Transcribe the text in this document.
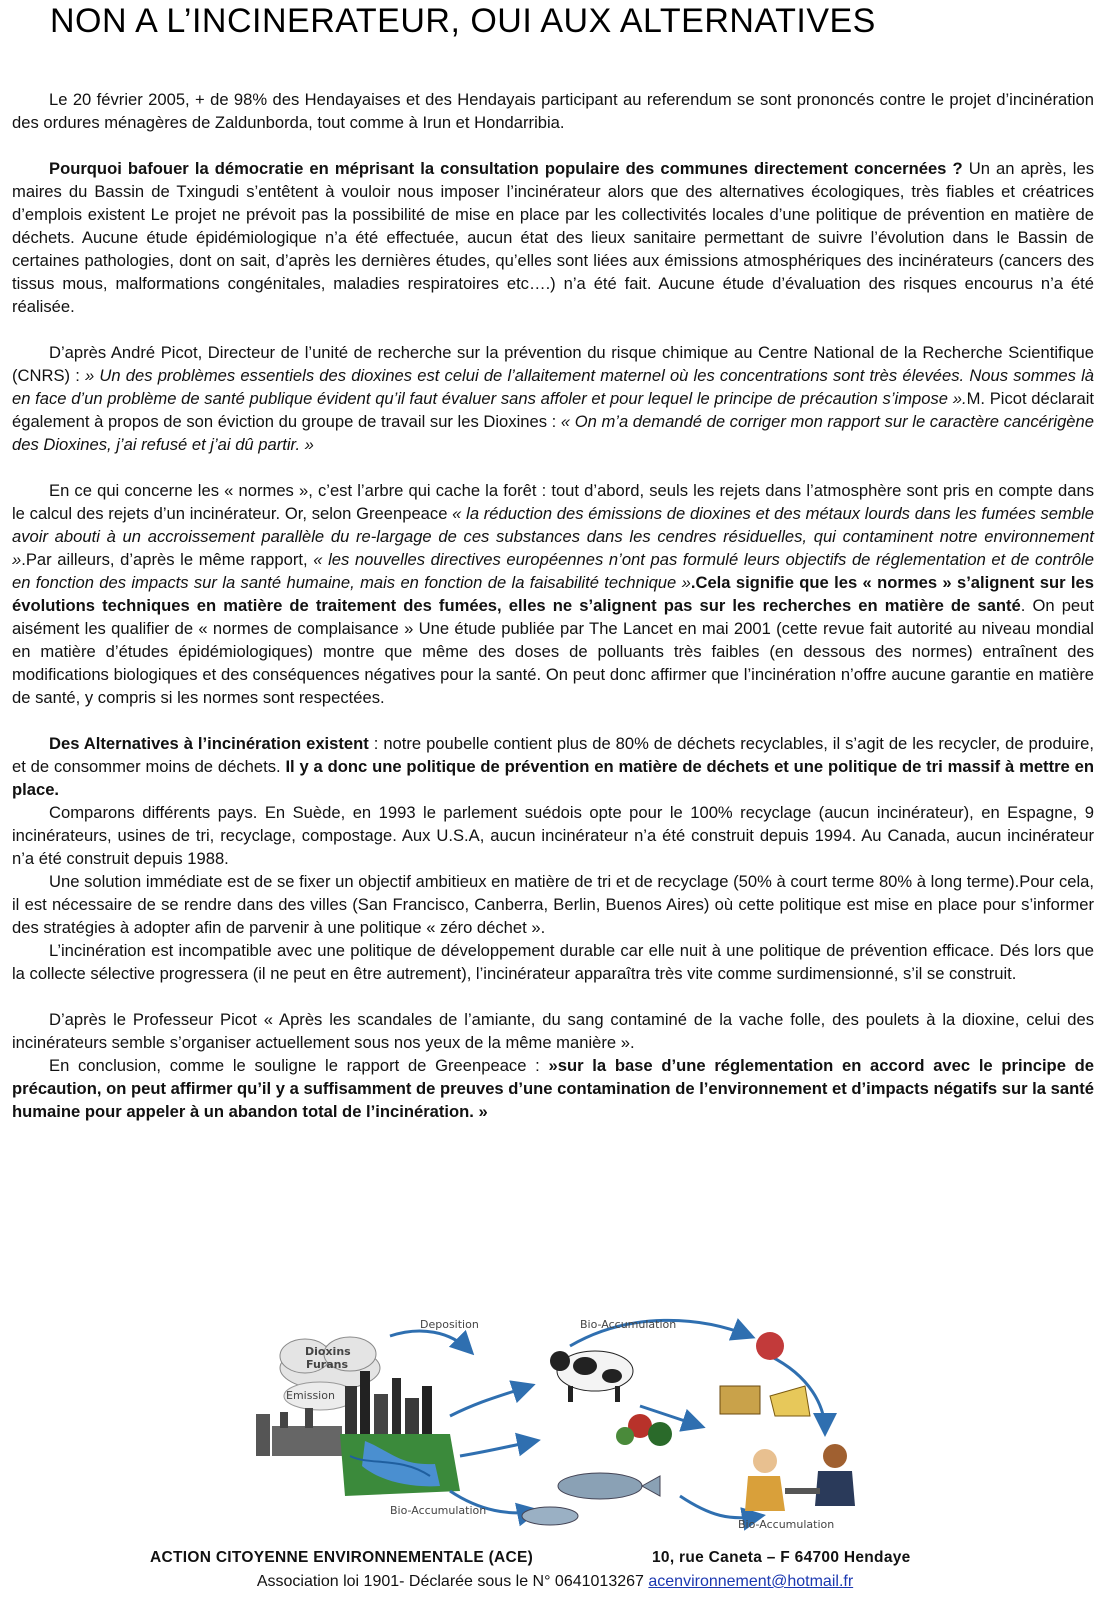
NON A L’INCINERATEUR, OUI AUX ALTERNATIVES

Le 20 février 2005, + de 98% des Hendayaises et des Hendayais participant au referendum se sont prononcés contre le projet d’incinération des ordures ménagères de Zaldunborda, tout comme à Irun et Hondarribia.

Pourquoi bafouer la démocratie en méprisant la consultation populaire des communes directement concernées ? Un an après, les maires du Bassin de Txingudi s’entêtent à vouloir nous imposer l’incinérateur alors que des alternatives écologiques, très fiables et créatrices d’emplois existent Le projet ne prévoit pas la possibilité de mise en place par les collectivités locales d’une politique de prévention en matière de déchets. Aucune étude épidémiologique n’a été effectuée, aucun état des lieux sanitaire permettant de suivre l’évolution dans le Bassin de certaines pathologies, dont on sait, d’après les dernières études, qu’elles sont liées aux émissions atmosphériques des incinérateurs (cancers des tissus mous, malformations congénitales, maladies respiratoires etc….) n’a été fait. Aucune étude d’évaluation des risques encourus n’a été réalisée.

D’après André Picot, Directeur de l’unité de recherche sur la prévention du risque chimique au Centre National de la Recherche Scientifique (CNRS) : » Un des problèmes essentiels des dioxines est celui de l’allaitement maternel où les concentrations sont très élevées. Nous sommes là en face d’un problème de santé publique évident qu’il faut évaluer sans affoler et pour lequel le principe de précaution s’impose ».M. Picot déclarait également à propos de son éviction du groupe de travail sur les Dioxines : « On m’a demandé de corriger mon rapport sur le caractère cancérigène des Dioxines, j’ai refusé et j’ai dû partir. »

En ce qui concerne les « normes », c’est l’arbre qui cache la forêt : tout d’abord, seuls les rejets dans l’atmosphère sont pris en compte dans le calcul des rejets d’un incinérateur. Or, selon Greenpeace « la réduction des émissions de dioxines et des métaux lourds dans les fumées semble avoir abouti à un accroissement parallèle du re-largage de ces substances dans les cendres résiduelles, qui contaminent notre environnement ».Par ailleurs, d’après le même rapport, « les nouvelles directives européennes n’ont pas formulé leurs objectifs de réglementation et de contrôle en fonction des impacts sur la santé humaine, mais en fonction de la faisabilité technique ».Cela signifie que les « normes » s’alignent sur les évolutions techniques en matière de traitement des fumées, elles ne s’alignent pas sur les recherches en matière de santé. On peut aisément les qualifier de « normes de complaisance » Une étude publiée par The Lancet en mai 2001 (cette revue fait autorité au niveau mondial en matière d’études épidémiologiques) montre que même des doses de polluants très faibles (en dessous des normes) entraînent des modifications biologiques et des conséquences négatives pour la santé. On peut donc affirmer que l’incinération n’offre aucune garantie en matière de santé, y compris si les normes sont respectées.

Des Alternatives à l’incinération existent : notre poubelle contient plus de 80% de déchets recyclables, il s’agit de les recycler, de produire, et de consommer moins de déchets. Il y a donc une politique de prévention en matière de déchets et une politique de tri massif à mettre en place.

Comparons différents pays. En Suède, en 1993 le parlement suédois opte pour le 100% recyclage (aucun incinérateur), en Espagne, 9 incinérateurs, usines de tri, recyclage, compostage. Aux U.S.A, aucun incinérateur n’a été construit depuis 1994. Au Canada, aucun incinérateur n’a été construit depuis 1988.

Une solution immédiate est de se fixer un objectif ambitieux en matière de tri et de recyclage (50% à court terme 80% à long terme).Pour cela, il est nécessaire de se rendre dans des villes (San Francisco, Canberra, Berlin, Buenos Aires) où cette politique est mise en place pour s’informer des stratégies à adopter afin de parvenir à une politique « zéro déchet ».

L’incinération est incompatible avec une politique de développement durable car elle nuit à une politique de prévention efficace. Dés lors que la collecte sélective progressera (il ne peut en être autrement), l’incinérateur apparaîtra très vite comme surdimensionné, s’il se construit.

D’après le Professeur Picot « Après les scandales de l’amiante, du sang contaminé de la vache folle, des poulets à la dioxine, celui des incinérateurs semble s’organiser actuellement sous nos yeux de la même manière ».

En conclusion, comme le souligne le rapport de Greenpeace : »sur la base d’une réglementation en accord avec le principe de précaution, on peut affirmer qu’il y a suffisamment de preuves d’une contamination de l’environnement et d’impacts négatifs sur la santé humaine pour appeler à un abandon total de l’incinération. »

Dioxins
Furans
Emission
Deposition	Bio-Accumulation
Bio-Accumulation
Bio-Accumulation
ACTION CITOYENNE ENVIRONNEMENTALE (ACE)	10, rue Caneta – F 64700 Hendaye
Association loi 1901- Déclarée sous le N° 0641013267 acenvironnement@hotmail.fr
